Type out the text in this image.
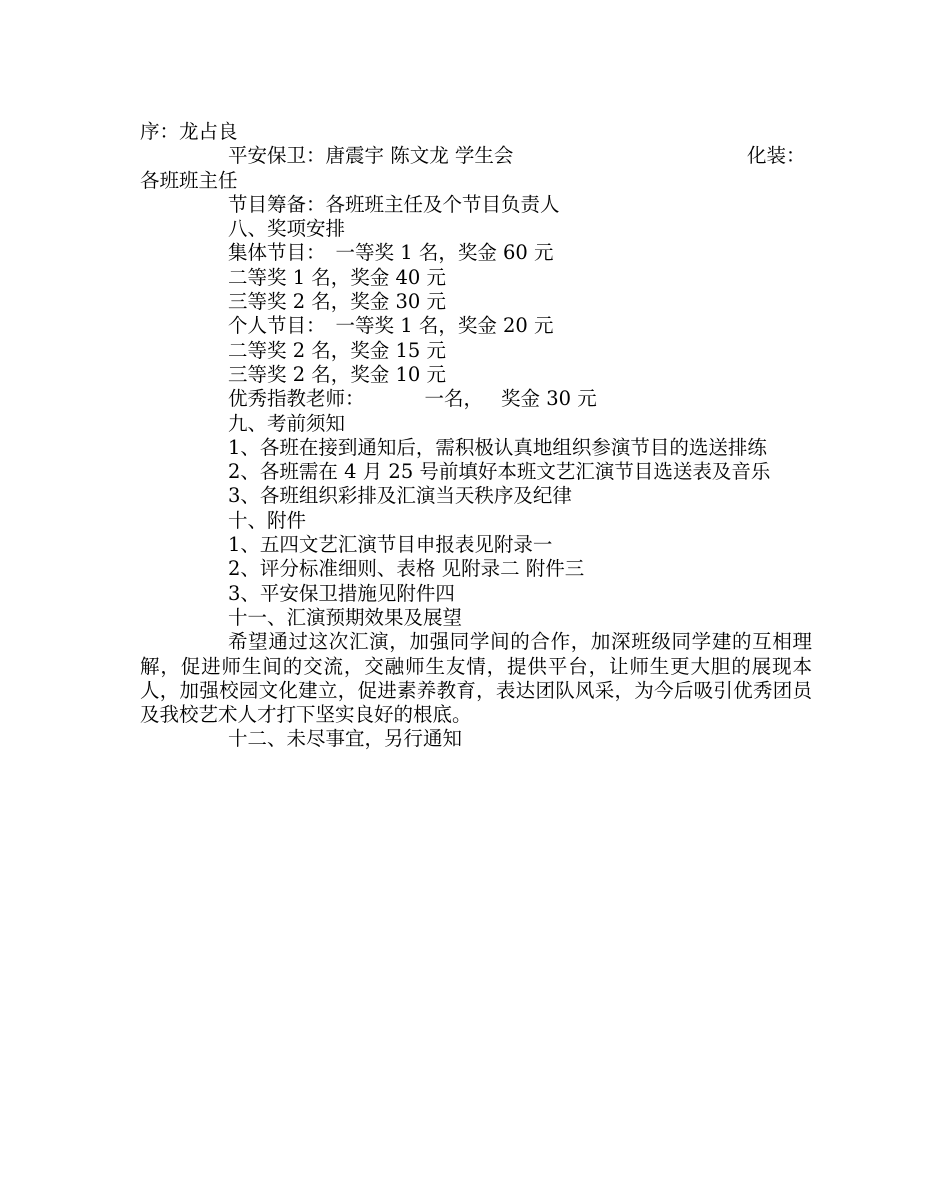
序：龙占良
平安保卫：唐震宇 陈文龙 学生会	化装：
各班班主任
节目筹备：各班班主任及个节目负责人
八、奖项安排
集体节目： 一等奖 1 名，奖金 60 元
二等奖 1 名，奖金 40 元
三等奖 2 名，奖金 30 元
个人节目： 一等奖 1 名，奖金 20 元
二等奖 2 名，奖金 15 元
三等奖 2 名，奖金 10 元
优秀指教老师：	一名， 奖金 30 元
九、考前须知
1、各班在接到通知后，需积极认真地组织参演节目的选送排练
2、各班需在 4 月 25 号前填好本班文艺汇演节目选送表及音乐
3、各班组织彩排及汇演当天秩序及纪律
十、附件
1、五四文艺汇演节目申报表见附录一
2、评分标准细则、表格 见附录二 附件三
3、平安保卫措施见附件四
十一、汇演预期效果及展望
希望通过这次汇演，加强同学间的合作，加深班级同学建的互相理解，促进师生间的交流，交融师生友情，提供平台，让师生更大胆的展现本人，加强校园文化建立，促进素养教育，表达团队风采，为今后吸引优秀团员及我校艺术人才打下坚实良好的根底。
十二、未尽事宜，另行通知
